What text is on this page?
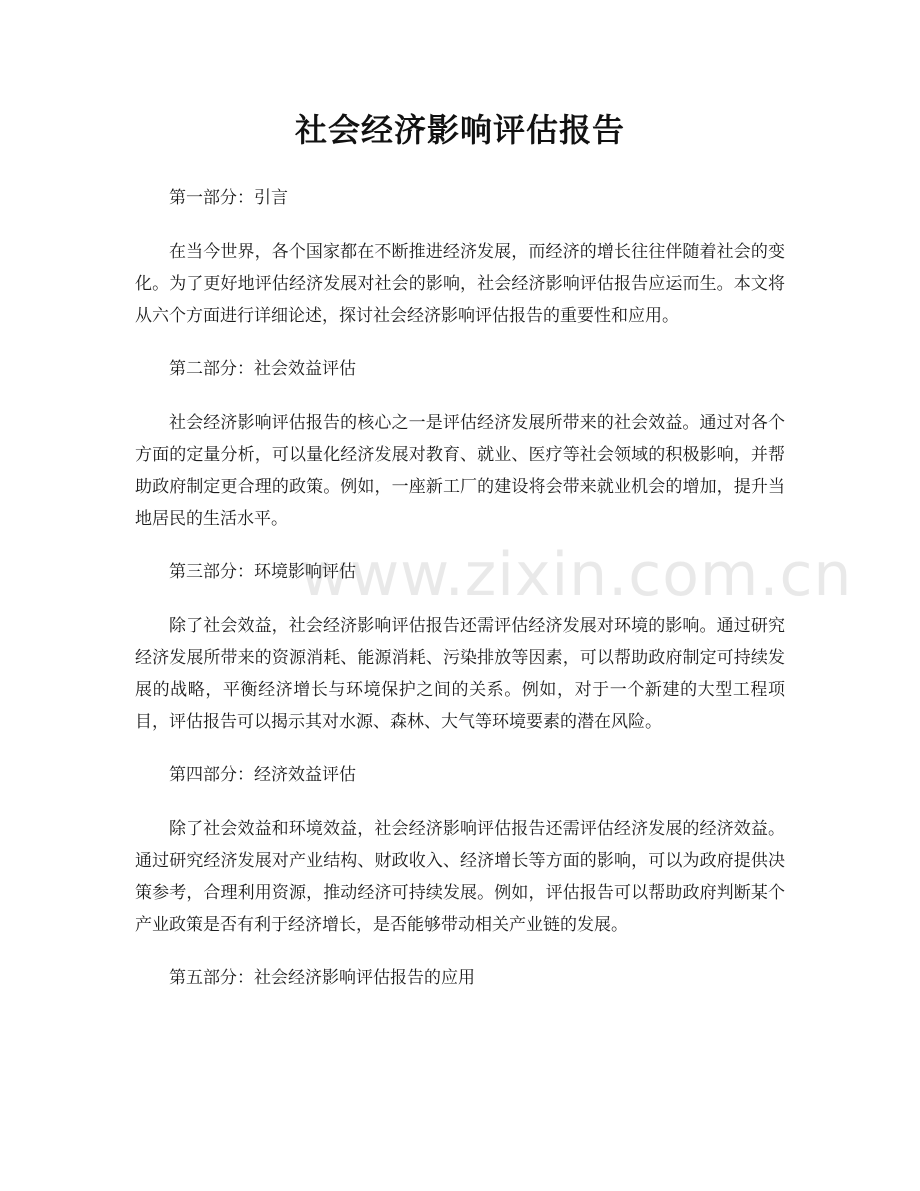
社会经济影响评估报告
www.zixin.com.cn

第一部分：引言

在当今世界，各个国家都在不断推进经济发展，而经济的增长往往伴随着社会的变化。为了更好地评估经济发展对社会的影响，社会经济影响评估报告应运而生。本文将从六个方面进行详细论述，探讨社会经济影响评估报告的重要性和应用。

第二部分：社会效益评估

社会经济影响评估报告的核心之一是评估经济发展所带来的社会效益。通过对各个方面的定量分析，可以量化经济发展对教育、就业、医疗等社会领域的积极影响，并帮助政府制定更合理的政策。例如，一座新工厂的建设将会带来就业机会的增加，提升当地居民的生活水平。

第三部分：环境影响评估

除了社会效益，社会经济影响评估报告还需评估经济发展对环境的影响。通过研究经济发展所带来的资源消耗、能源消耗、污染排放等因素，可以帮助政府制定可持续发展的战略，平衡经济增长与环境保护之间的关系。例如，对于一个新建的大型工程项目，评估报告可以揭示其对水源、森林、大气等环境要素的潜在风险。

第四部分：经济效益评估

除了社会效益和环境效益，社会经济影响评估报告还需评估经济发展的经济效益。通过研究经济发展对产业结构、财政收入、经济增长等方面的影响，可以为政府提供决策参考，合理利用资源，推动经济可持续发展。例如，评估报告可以帮助政府判断某个产业政策是否有利于经济增长，是否能够带动相关产业链的发展。

第五部分：社会经济影响评估报告的应用
